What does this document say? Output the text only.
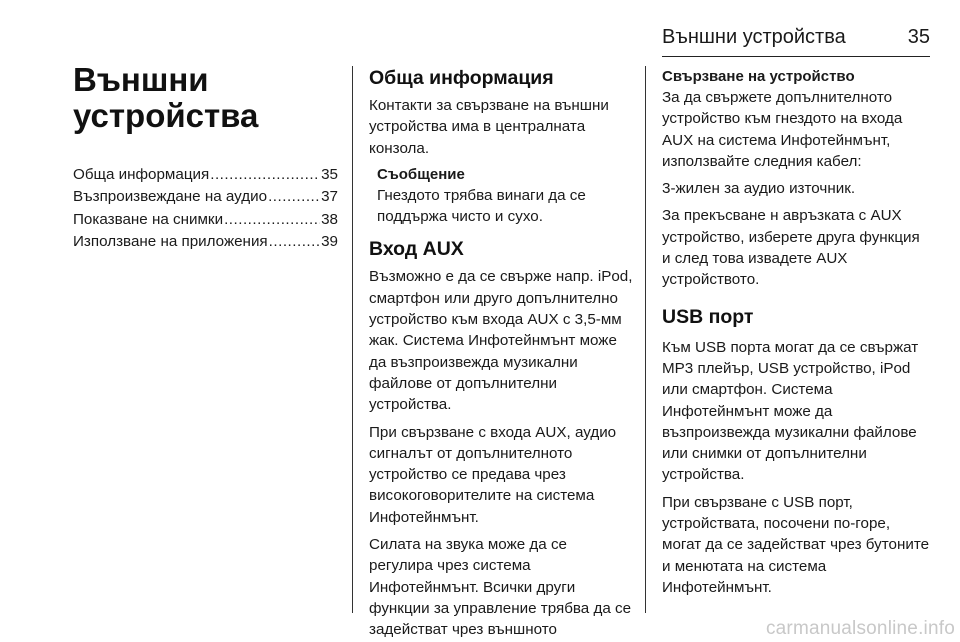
Външни устройства	35
Външни
устройства
Обща информация .....	35
Възпроизвеждане на аудио .....	37
Показване на снимки .....	38
Използване на приложения .....	39
Обща информация

Контакти за свързване на външни устройства има в централната конзола.

Съобщение
Гнездото трябва винаги да се поддържа чисто и сухо.
Вход AUX

Възможно е да се свърже напр. iPod, смартфон или друго допълнително устройство към входа AUX с 3,5-мм жак. Система Инфотейнмънт може да възпроизвежда музикални файлове от допълнителни устройства.

При свързване с входа AUX, аудио сигналът от допълнителното устройство се предава чрез високоговорителите на система Инфотейнмънт.

Силата на звука може да се регулира чрез система Инфотейнмънт. Всички други функции за управление трябва да се задействат чрез външното

Свързване на устройство

За да свържете допълнителното устройство към гнездото на входа AUX на система Инфотейнмънт, използвайте следния кабел:

3-жилен за аудио източник.

За прекъсване н авръзката с AUX устройство, изберете друга функция и след това извадете AUX устройството.

USB порт

Към USB порта могат да се свържат MP3 плейър, USB устройство, iPod или смартфон. Система Инфотейнмънт може да възпроизвежда музикални файлове или снимки от допълнителни устройства.

При свързване с USB порт, устройствата, посочени по-горе, могат да се задействат чрез бутоните и менютата на система Инфотейнмънт.

carmanualsonline.info
